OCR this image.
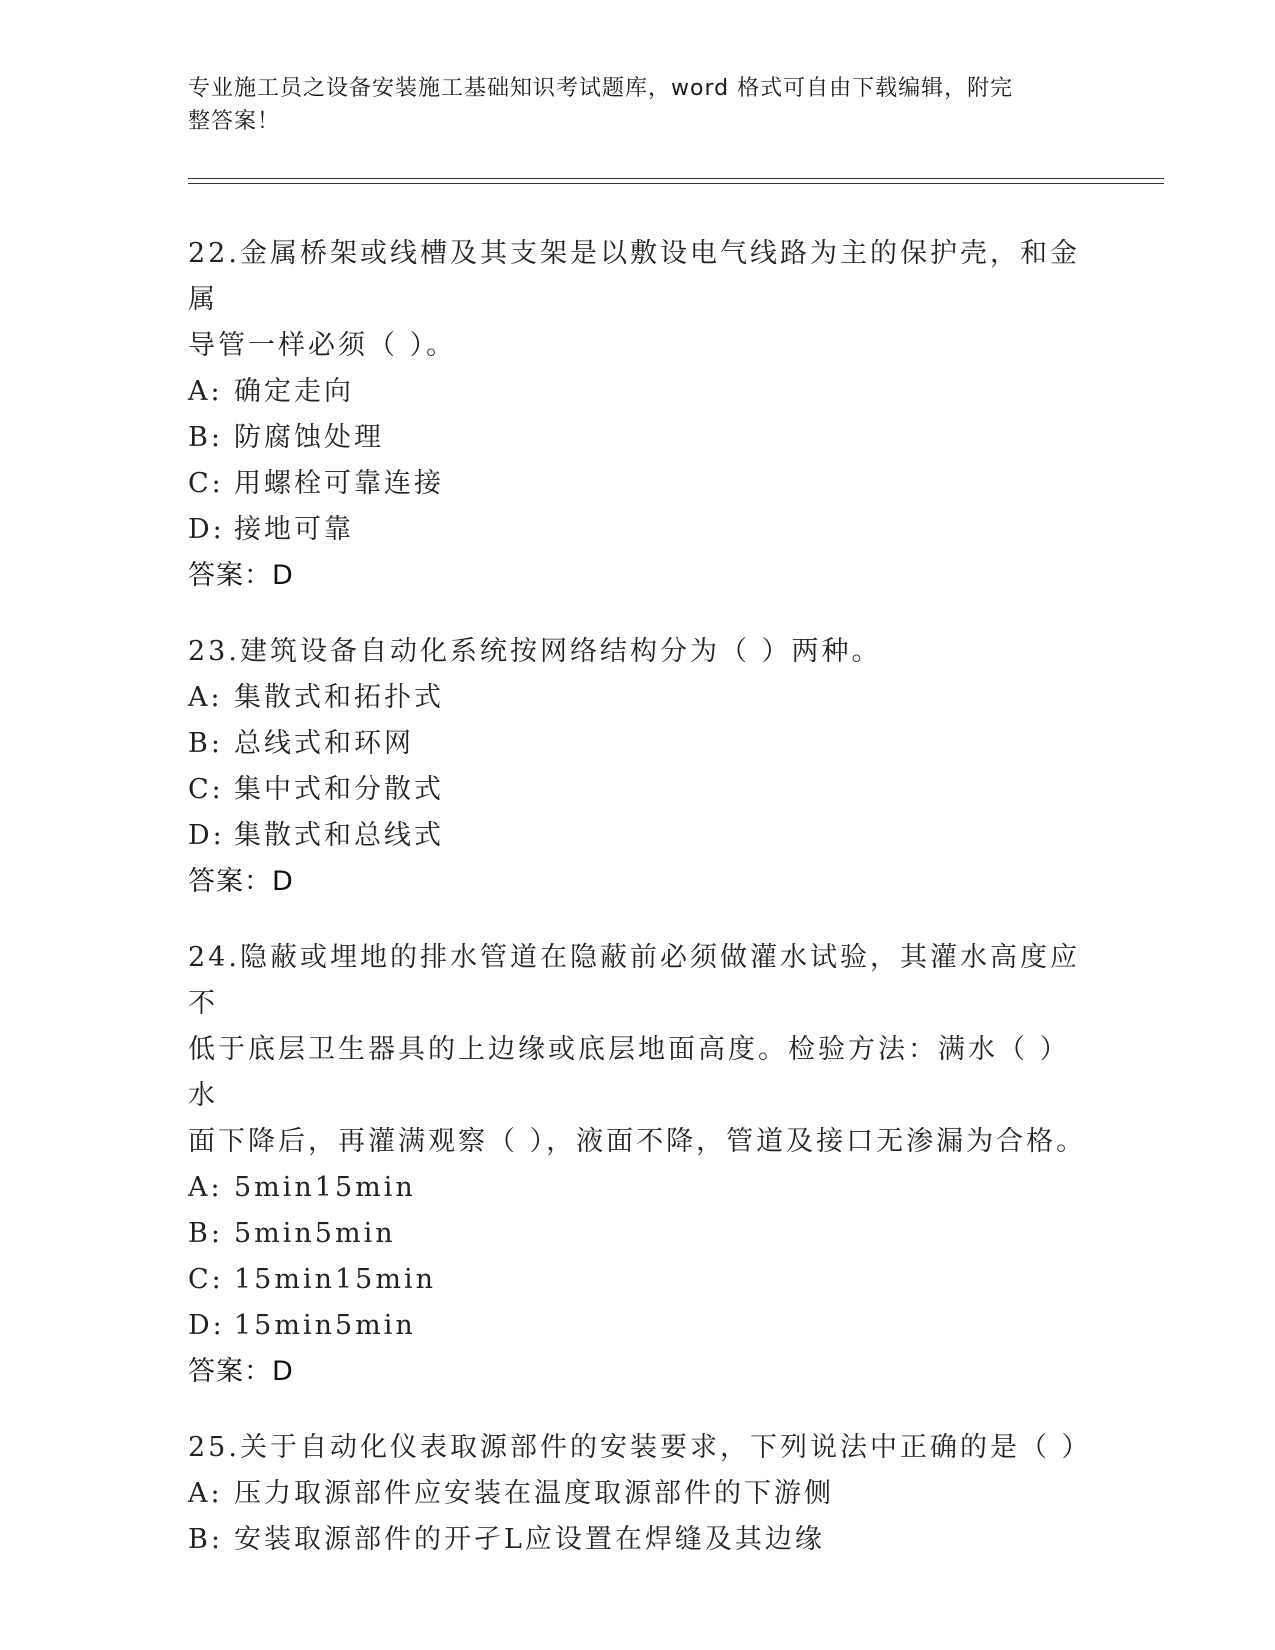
专业施工员之设备安装施工基础知识考试题库，word 格式可自由下载编辑，附完
整答案！

22.金属桥架或线槽及其支架是以敷设电气线路为主的保护壳，和金属

导管一样必须（ ）。

A: 确定走向

B: 防腐蚀处理

C: 用螺栓可靠连接

D: 接地可靠

答案：D

23.建筑设备自动化系统按网络结构分为（ ）两种。

A: 集散式和拓扑式

B: 总线式和环网

C: 集中式和分散式

D: 集散式和总线式

答案：D

24.隐蔽或埋地的排水管道在隐蔽前必须做灌水试验，其灌水高度应不

低于底层卫生器具的上边缘或底层地面高度。检验方法：满水（ ）水

面下降后，再灌满观察（ ），液面不降，管道及接口无渗漏为合格。

A: 5min15min

B: 5min5min

C: 15min15min

D: 15min5min

答案：D

25.关于自动化仪表取源部件的安装要求，下列说法中正确的是（ ）

A: 压力取源部件应安装在温度取源部件的下游侧

B: 安装取源部件的开孑L应设置在焊缝及其边缘
